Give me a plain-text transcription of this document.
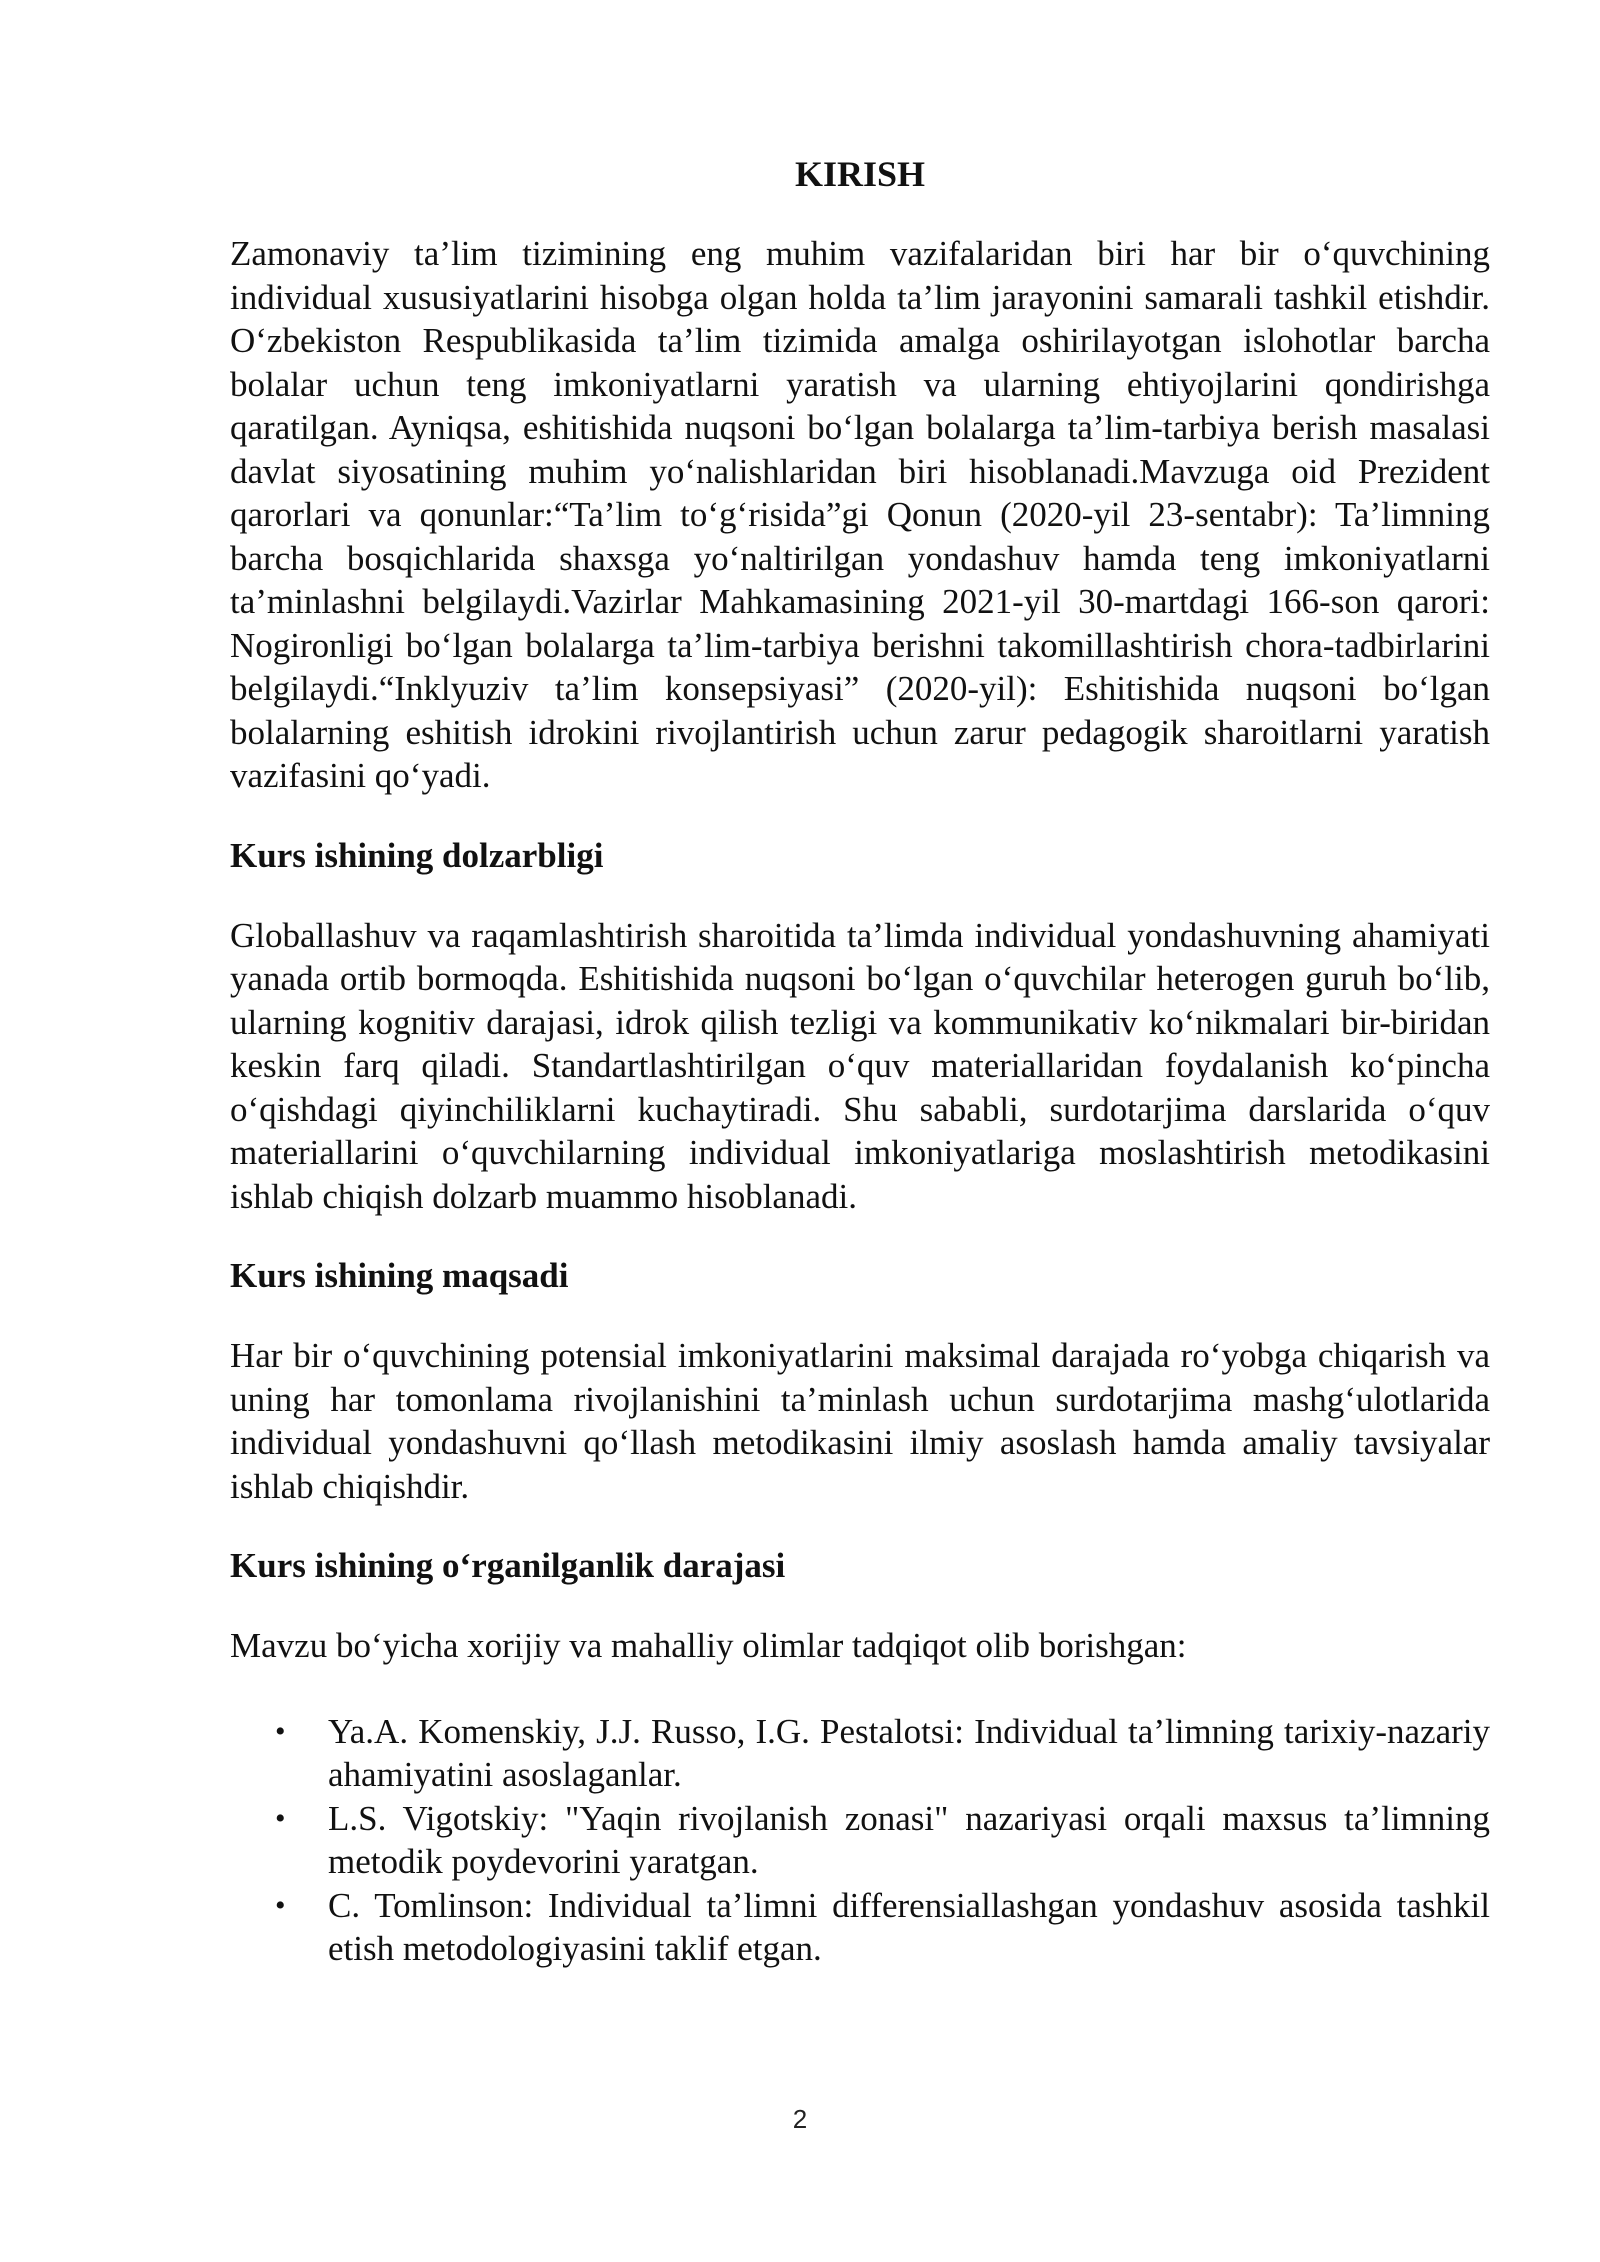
KIRISH

Zamonaviy ta’lim tizimining eng muhim vazifalaridan biri har bir o‘quvchining individual xususiyatlarini hisobga olgan holda ta’lim jarayonini samarali tashkil etishdir. O‘zbekiston Respublikasida ta’lim tizimida amalga oshirilayotgan islohotlar barcha bolalar uchun teng imkoniyatlarni yaratish va ularning ehtiyojlarini qondirishga qaratilgan. Ayniqsa, eshitishida nuqsoni bo‘lgan bolalarga ta’lim-tarbiya berish masalasi davlat siyosatining muhim yo‘nalishlaridan biri hisoblanadi.Mavzuga oid Prezident qarorlari va qonunlar:“Ta’lim to‘g‘risida”gi Qonun (2020-yil 23-sentabr): Ta’limning barcha bosqichlarida shaxsga yo‘naltirilgan yondashuv hamda teng imkoniyatlarni ta’minlashni belgilaydi.Vazirlar Mahkamasining 2021-yil 30-martdagi 166-son qarori: Nogironligi bo‘lgan bolalarga ta’lim-tarbiya berishni takomillashtirish chora-tadbirlarini belgilaydi.“Inklyuziv ta’lim konsepsiyasi” (2020-yil): Eshitishida nuqsoni bo‘lgan bolalarning eshitish idrokini rivojlantirish uchun zarur pedagogik sharoitlarni yaratish vazifasini qo‘yadi.

Kurs ishining dolzarbligi

Globallashuv va raqamlashtirish sharoitida ta’limda individual yondashuvning ahamiyati yanada ortib bormoqda. Eshitishida nuqsoni bo‘lgan o‘quvchilar heterogen guruh bo‘lib, ularning kognitiv darajasi, idrok qilish tezligi va kommunikativ ko‘nikmalari bir-biridan keskin farq qiladi. Standartlashtirilgan o‘quv materiallaridan foydalanish ko‘pincha o‘qishdagi qiyinchiliklarni kuchaytiradi. Shu sababli, surdotarjima darslarida o‘quv materiallarini o‘quvchilarning individual imkoniyatlariga moslashtirish metodikasini ishlab chiqish dolzarb muammo hisoblanadi.

Kurs ishining maqsadi

Har bir o‘quvchining potensial imkoniyatlarini maksimal darajada ro‘yobga chiqarish va uning har tomonlama rivojlanishini ta’minlash uchun surdotarjima mashg‘ulotlarida individual yondashuvni qo‘llash metodikasini ilmiy asoslash hamda amaliy tavsiyalar ishlab chiqishdir.

Kurs ishining o‘rganilganlik darajasi

Mavzu bo‘yicha xorijiy va mahalliy olimlar tadqiqot olib borishgan:

• Ya.A. Komenskiy, J.J. Russo, I.G. Pestalotsi: Individual ta’limning tarixiy-nazariy ahamiyatini asoslaganlar.
• L.S. Vigotskiy: "Yaqin rivojlanish zonasi" nazariyasi orqali maxsus ta’limning metodik poydevorini yaratgan.
• C. Tomlinson: Individual ta’limni differensiallashgan yondashuv asosida tashkil etish metodologiyasini taklif etgan.
2
